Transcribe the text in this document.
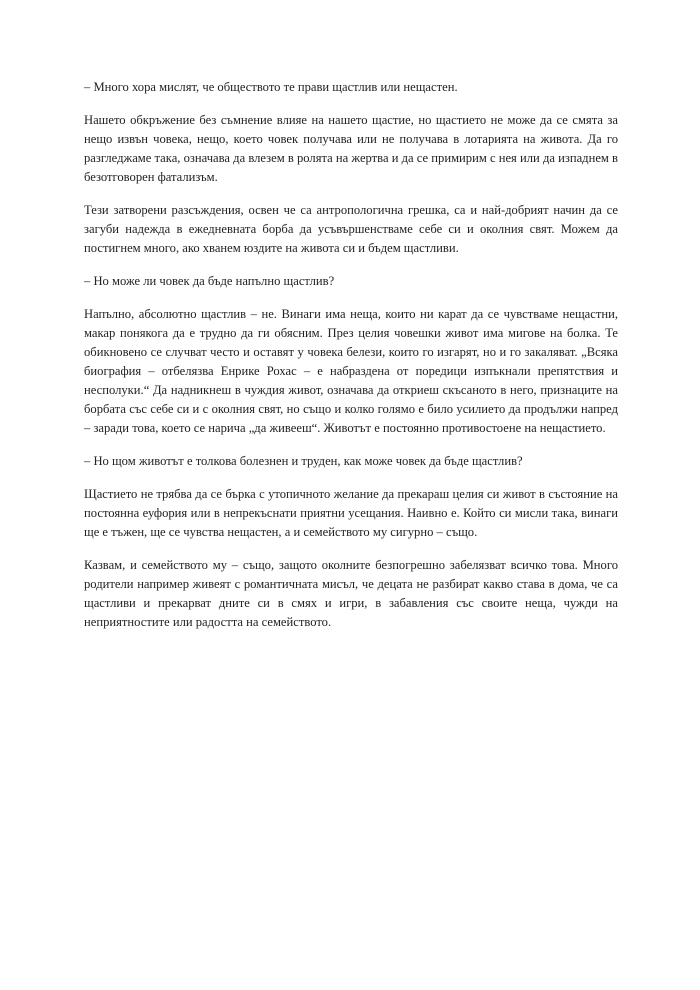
– Много хора мислят, че обществото те прави щастлив или нещастен.

Нашето обкръжение без съмнение влияе на нашето щастие, но щастието не може да се смята за нещо извън човека, нещо, което човек получава или не получава в лотарията на живота. Да го разгледжаме така, означава да влезем в ролята на жертва и да се примирим с нея или да изпаднем в безотговорен фатализъм.

Тези затворени разсъждения, освен че са антропологична грешка, са и най-добрият начин да се загуби надежда в ежедневната борба да усъвършенстваме себе си и околния свят. Можем да постигнем много, ако хванем юздите на живота си и бъдем щастливи.

– Но може ли човек да бъде напълно щастлив?

Напълно, абсолютно щастлив – не. Винаги има неща, които ни карат да се чувстваме нещастни, макар понякога да е трудно да ги обясним. През целия човешки живот има мигове на болка. Те обикновено се случват често и оставят у човека белези, които го изгарят, но и го закаляват. „Всяка биография – отбелязва Енрике Рохас – е набраздена от поредици изпъкнали препятствия и несполуки.“ Да надникнеш в чуждия живот, означава да откриеш скъсаното в него, признаците на борбата със себе си и с околния свят, но също и колко голямо е било усилието да продължи напред – заради това, което се нарича „да живееш“. Животът е постоянно противостоене на нещастието.

– Но щом животът е толкова болезнен и труден, как може човек да бъде щастлив?

Щастието не трябва да се бърка с утопичното желание да прекараш целия си живот в състояние на постоянна еуфория или в непрекъснати приятни усещания. Наивно е. Който си мисли така, винаги ще е тъжен, ще се чувства нещастен, а и семейството му сигурно – също.

Казвам, и семейството му – също, защото околните безпогрешно забелязват всичко това. Много родители например живеят с романтичната мисъл, че децата не разбират какво става в дома, че са щастливи и прекарват дните си в смях и игри, в забавления със своите неща, чужди на неприятностите или радостта на семейството.
